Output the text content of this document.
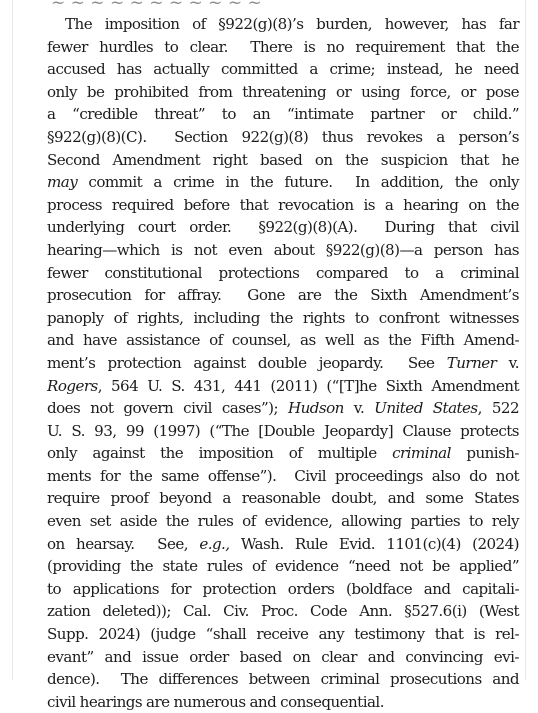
~ ~ ~ ~ ~ ~ ~ ~ ~ ~ ~

The imposition of §922(g)(8)’s burden, however, has far
fewer hurdles to clear.  There is no requirement that the
accused has actually committed a crime; instead, he need
only be prohibited from threatening or using force, or pose
a “credible threat” to an “intimate partner or child.”
§922(g)(8)(C).  Section 922(g)(8) thus revokes a person’s
Second Amendment right based on the suspicion that he
may commit a crime in the future.  In addition, the only
process required before that revocation is a hearing on the
underlying court order.  §922(g)(8)(A).  During that civil
hearing—which is not even about §922(g)(8)—a person has
fewer constitutional protections compared to a criminal
prosecution for affray.  Gone are the Sixth Amendment’s
panoply of rights, including the rights to confront witnesses
and have assistance of counsel, as well as the Fifth Amend-
ment’s protection against double jeopardy.  See Turner v.
Rogers, 564 U. S. 431, 441 (2011) (“[T]he Sixth Amendment
does not govern civil cases”); Hudson v. United States, 522
U. S. 93, 99 (1997) (“The [Double Jeopardy] Clause protects
only against the imposition of multiple criminal punish-
ments for the same offense”).  Civil proceedings also do not
require proof beyond a reasonable doubt, and some States
even set aside the rules of evidence, allowing parties to rely
on hearsay.  See, e.g., Wash. Rule Evid. 1101(c)(4) (2024)
(providing the state rules of evidence “need not be applied”
to applications for protection orders (boldface and capitali-
zation deleted)); Cal. Civ. Proc. Code Ann. §527.6(i) (West
Supp. 2024) (judge “shall receive any testimony that is rel-
evant” and issue order based on clear and convincing evi-
dence).  The differences between criminal prosecutions and
civil hearings are numerous and consequential.
